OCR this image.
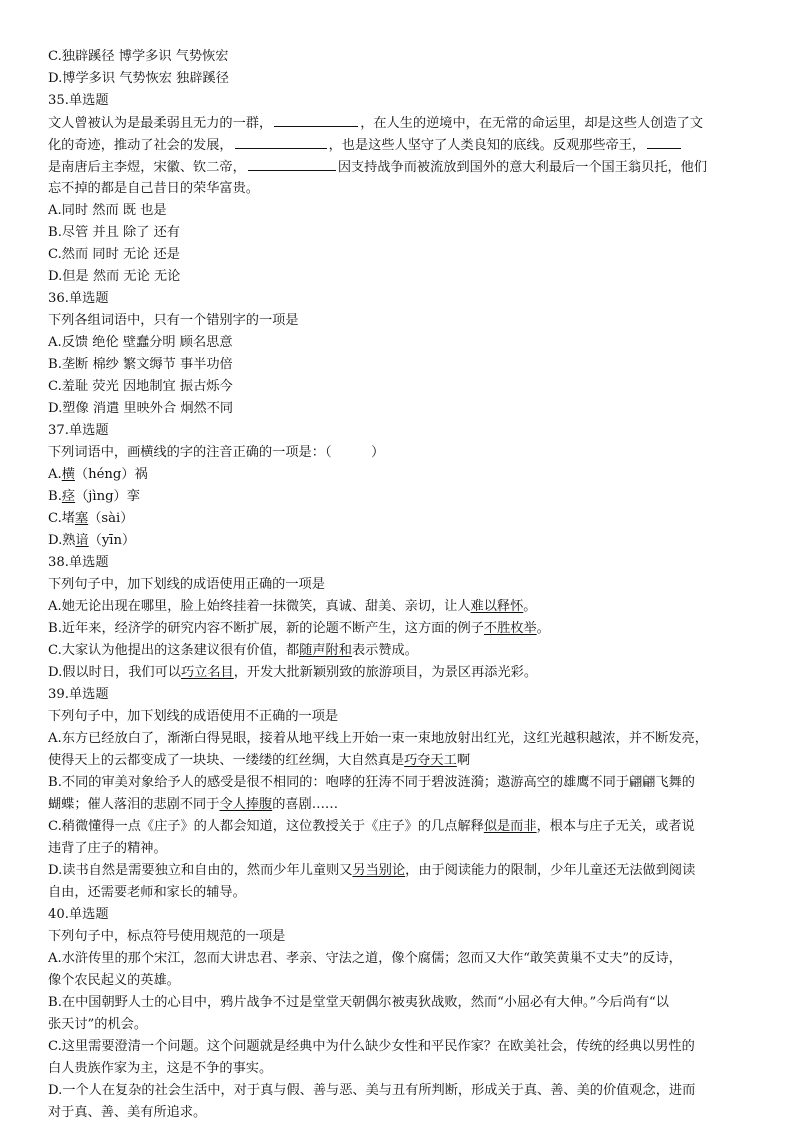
C.独辟蹊径 博学多识 气势恢宏
D.博学多识 气势恢宏 独辟蹊径
35.单选题
文人曾被认为是最柔弱且无力的一群，	，在人生的逆境中，在无常的命运里，却是这些人创造了文
化的奇迹，推动了社会的发展，	，也是这些人坚守了人类良知的底线。反观那些帝王，
是南唐后主李煜，宋徽、钦二帝，	因支持战争而被流放到国外的意大利最后一个国王翁贝托，他们
忘不掉的都是自己昔日的荣华富贵。
A.同时 然而 既 也是
B.尽管 并且 除了 还有
C.然而 同时 无论 还是
D.但是 然而 无论 无论
36.单选题
下列各组词语中，只有一个错别字的一项是
A.反馈 绝伦 壁蠢分明 顾名思意
B.垄断 棉纱 繁文缛节 事半功倍
C.羞耻 荧光 因地制宜 振古烁今
D.塑像 消遣 里映外合 炯然不同
37.单选题
下列词语中，画横线的字的注音正确的一项是：（　　　）
A.横（héng）祸
B.痉（jìng）挛
C.堵塞（sài）
D.熟谙（yīn）
38.单选题
下列句子中，加下划线的成语使用正确的一项是
A.她无论出现在哪里，脸上始终挂着一抹微笑，真诚、甜美、亲切，让人难以释怀。
B.近年来，经济学的研究内容不断扩展，新的论题不断产生，这方面的例子不胜枚举。
C.大家认为他提出的这条建议很有价值，都随声附和表示赞成。
D.假以时日，我们可以巧立名目，开发大批新颖别致的旅游项目，为景区再添光彩。
39.单选题
下列句子中，加下划线的成语使用不正确的一项是
A.东方已经放白了，渐渐白得晃眼，接着从地平线上开始一束一束地放射出红光，这红光越积越浓，并不断发亮，
使得天上的云都变成了一块块、一缕缕的红丝绸，大自然真是巧夺天工啊
B.不同的审美对象给予人的感受是很不相同的：咆哮的狂涛不同于碧波涟漪；遨游高空的雄鹰不同于翩翩飞舞的
蝴蝶；催人落泪的悲剧不同于令人捧腹的喜剧……
C.稍微懂得一点《庄子》的人都会知道，这位教授关于《庄子》的几点解释似是而非，根本与庄子无关，或者说
违背了庄子的精神。
D.读书自然是需要独立和自由的，然而少年儿童则又另当别论，由于阅读能力的限制，少年儿童还无法做到阅读
自由，还需要老师和家长的辅导。
40.单选题
下列句子中，标点符号使用规范的一项是
A.水浒传里的那个宋江，忽而大讲忠君、孝亲、守法之道，像个腐儒；忽而又大作“敢笑黄巢不丈夫”的反诗，
像个农民起义的英雄。
B.在中国朝野人士的心目中，鸦片战争不过是堂堂天朝偶尔被夷狄战败，然而“小屈必有大伸。”今后尚有“以
张天讨”的机会。
C.这里需要澄清一个问题。这个问题就是经典中为什么缺少女性和平民作家？在欧美社会，传统的经典以男性的
白人贵族作家为主，这是不争的事实。
D.一个人在复杂的社会生活中，对于真与假、善与恶、美与丑有所判断，形成关于真、善、美的价值观念，进而
对于真、善、美有所追求。
